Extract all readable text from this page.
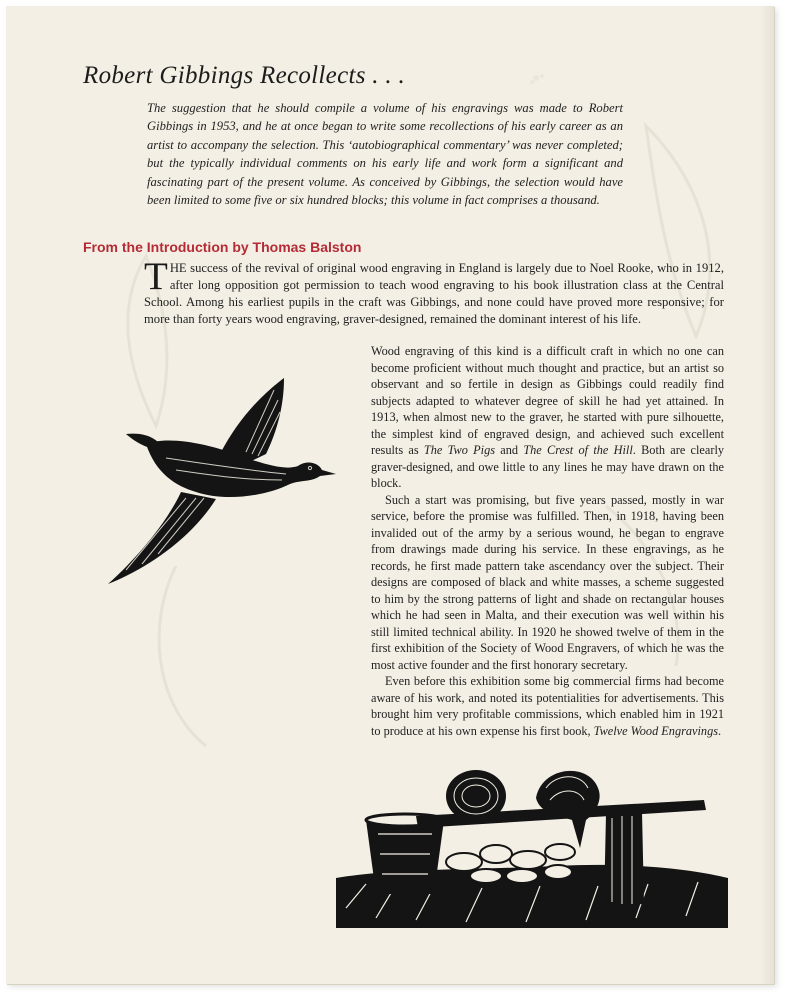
Robert Gibbings Recollects . . .

The suggestion that he should compile a volume of his engravings was made to Robert Gibbings in 1953, and he at once began to write some recollections of his early career as an artist to accompany the selection. This ‘autobiographical commentary’ was never completed; but the typically individual comments on his early life and work form a significant and fascinating part of the present volume. As conceived by Gibbings, the selection would have been limited to some five or six hundred blocks; this volume in fact comprises a thousand.

From the Introduction by Thomas Balston

THE success of the revival of original wood engraving in England is largely due to Noel Rooke, who in 1912, after long opposition got permission to teach wood engraving to his book illustration class at the Central School. Among his earliest pupils in the craft was Gibbings, and none could have proved more responsive; for more than forty years wood engraving, graver-designed, remained the dominant interest of his life.

Wood engraving of this kind is a difficult craft in which no one can become proficient without much thought and practice, but an artist so observant and so fertile in design as Gibbings could readily find subjects adapted to whatever degree of skill he had yet attained. In 1913, when almost new to the graver, he started with pure silhouette, the simplest kind of engraved design, and achieved such excellent results as The Two Pigs and The Crest of the Hill. Both are clearly graver-designed, and owe little to any lines he may have drawn on the block.

Such a start was promising, but five years passed, mostly in war service, before the promise was fulfilled. Then, in 1918, having been invalided out of the army by a serious wound, he began to engrave from drawings made during his service. In these engravings, as he records, he first made pattern take ascendancy over the subject. Their designs are composed of black and white masses, a scheme suggested to him by the strong patterns of light and shade on rectangular houses which he had seen in Malta, and their execution was well within his still limited technical ability. In 1920 he showed twelve of them in the first exhibition of the Society of Wood Engravers, of which he was the most active founder and the first honorary secretary.

Even before this exhibition some big commercial firms had become aware of his work, and noted its potentialities for advertisements. This brought him very profitable commissions, which enabled him in 1921 to produce at his own expense his first book, Twelve Wood Engravings.
